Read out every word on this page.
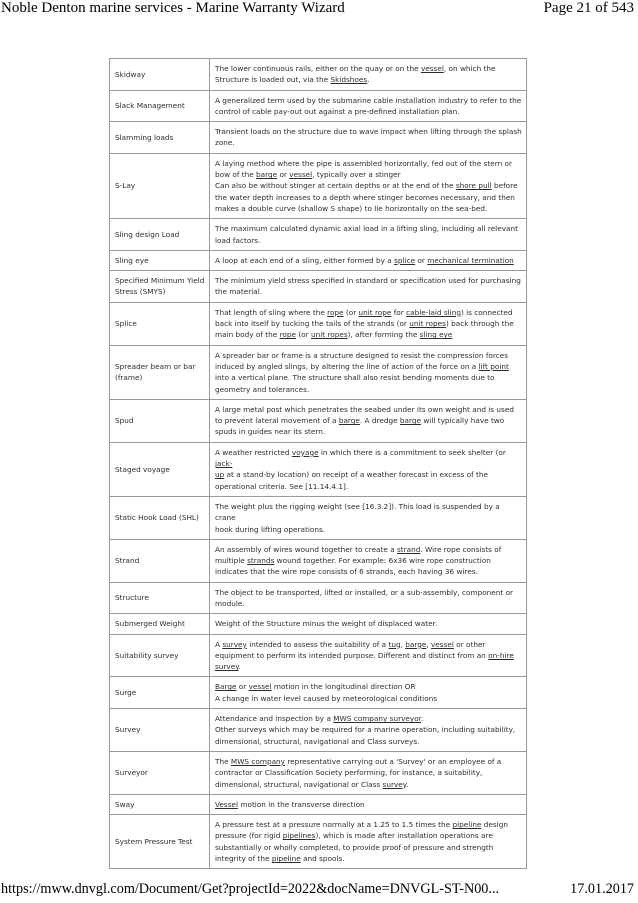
Noble Denton marine services - Marine Warranty Wizard	Page 21 of 543
Skidway	The lower continuous rails, either on the quay or on the vessel, on which the
Structure is loaded out, via the Skidshoes.

Slack Management	A generalized term used by the submarine cable installation industry to refer to the
control of cable pay-out out against a pre-defined installation plan.

Slamming loads	Transient loads on the structure due to wave impact when lifting through the splash
zone.

S-Lay	A laying method where the pipe is assembled horizontally, fed out of the stern or
bow of the barge or vessel, typically over a stinger
Can also be without stinger at certain depths or at the end of the shore pull before
the water depth increases to a depth where stinger becomes necessary, and then
makes a double curve (shallow S shape) to lie horizontally on the sea-bed.

Sling design Load	The maximum calculated dynamic axial load in a lifting sling, including all relevant
load factors.

Sling eye	A loop at each end of a sling, either formed by a splice or mechanical termination

Specified Minimum Yield Stress (SMYS)	The minimum yield stress specified in standard or specification used for purchasing
the material.

Splice	That length of sling where the rope (or unit rope for cable-laid sling) is connected
back into itself by tucking the tails of the strands (or unit ropes) back through the
main body of the rope (or unit ropes), after forming the sling eye

Spreader beam or bar (frame)	A spreader bar or frame is a structure designed to resist the compression forces
induced by angled slings, by altering the line of action of the force on a lift point
into a vertical plane. The structure shall also resist bending moments due to
geometry and tolerances.

Spud	A large metal post which penetrates the seabed under its own weight and is used
to prevent lateral movement of a barge. A dredge barge will typically have two
spuds in guides near its stern.

Staged voyage	A weather restricted voyage in which there is a commitment to seek shelter (or jack-
up at a stand-by location) on receipt of a weather forecast in excess of the
operational criteria. See [11.14.4.1].

Static Hook Load (SHL)	The weight plus the rigging weight (see [16.3.2]). This load is suspended by a crane
hook during lifting operations.

Strand	An assembly of wires wound together to create a strand. Wire rope consists of
multiple strands wound together. For example: 6x36 wire rope construction
indicates that the wire rope consists of 6 strands, each having 36 wires.

Structure	The object to be transported, lifted or installed, or a sub-assembly, component or
module.

Submerged Weight	Weight of the Structure minus the weight of displaced water.

Suitability survey	A survey intended to assess the suitability of a tug, barge, vessel or other
equipment to perform its intended purpose. Different and distinct from an on-hire
survey.

Surge	Barge or vessel motion in the longitudinal direction OR
A change in water level caused by meteorological conditions

Survey	Attendance and inspection by a MWS company surveyor.
Other surveys which may be required for a marine operation, including suitability,
dimensional, structural, navigational and Class surveys.

Surveyor	The MWS company representative carrying out a 'Survey' or an employee of a
contractor or Classification Society performing, for instance, a suitability,
dimensional, structural, navigational or Class survey.

Sway	Vessel motion in the transverse direction

System Pressure Test	A pressure test at a pressure normally at a 1.25 to 1.5 times the pipeline design
pressure (for rigid pipelines), which is made after installation operations are
substantially or wholly completed, to provide proof of pressure and strength
integrity of the pipeline and spools.
https://mww.dnvgl.com/Document/Get?projectId=2022&docName=DNVGL-ST-N00...	17.01.2017
